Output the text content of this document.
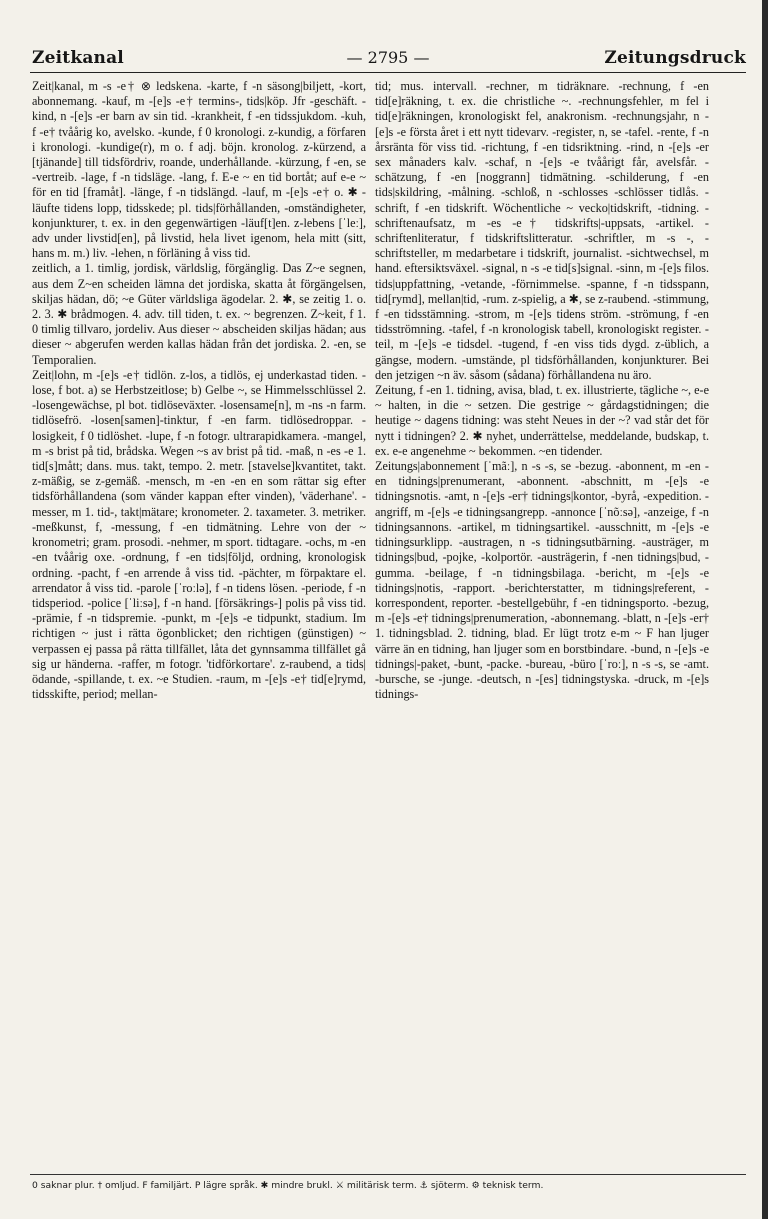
Zeitkanal	— 2795 —	Zeitungsdruck

Zeit|kanal, m -s -e† ⊗ ledskena. -karte, f -n säsong|biljett, -kort, abonnemang. -kauf, m -[e]s -e† termins-, tids|köp. Jfr -geschäft. -kind, n -[e]s -er barn av sin tid. -krankheit, f -en tidssjukdom. -kuh, f -e† tvåårig ko, avelsko. -kunde, f 0 kronologi. z-kundig, a förfaren i kronologi. -kundige(r), m o. f adj. böjn. kronolog. z-kürzend, a [tjänande] till tidsfördriv, roande, underhållande. -kürzung, f -en, se -vertreib. -lage, f -n tidsläge. -lang, f. E-e ~ en tid bortåt; auf e-e ~ för en tid [framåt]. -länge, f -n tidslängd. -lauf, m -[e]s -e† o. ✱ -läufte tidens lopp, tidsskede; pl. tids|förhållanden, -omständigheter, konjunkturer, t. ex. in den gegenwärtigen -läuf[t]en. z-lebens [ˈleː], adv under livstid[en], på livstid, hela livet igenom, hela mitt (sitt, hans m. m.) liv. -lehen, n förläning å viss tid.

zeitlich, a 1. timlig, jordisk, världslig, förgänglig. Das Z~e segnen, aus dem Z~en scheiden lämna det jordiska, skatta åt förgängelsen, skiljas hädan, dö; ~e Güter världsliga ägodelar. 2. ✱, se zeitig 1. o. 2. 3. ✱ brådmogen. 4. adv. till tiden, t. ex. ~ begrenzen. Z~keit, f 1. 0 timlig tillvaro, jordeliv. Aus dieser ~ abscheiden skiljas hädan; aus dieser ~ abgerufen werden kallas hädan från det jordiska. 2. -en, se Temporalien.

Zeit|lohn, m -[e]s -e† tidlön. z-los, a tidlös, ej underkastad tiden. -lose, f bot. a) se Herbstzeitlose; b) Gelbe ~, se Himmelsschlüssel 2. -losengewächse, pl bot. tidlöseväxter. -losensame[n], m -ns -n farm. tidlösefrö. -losen[samen]-tinktur, f -en farm. tidlösedroppar. -losigkeit, f 0 tidlöshet. -lupe, f -n fotogr. ultrarapidkamera. -mangel, m -s brist på tid, brådska. Wegen ~s av brist på tid. -maß, n -es -e 1. tid[s]mått; dans. mus. takt, tempo. 2. metr. [stavelse]kvantitet, takt. z-mäßig, se z-gemäß. -mensch, m -en -en en som rättar sig efter tidsförhållandena (som vänder kappan efter vinden), 'väderhane'. -messer, m 1. tid-, takt|mätare; kronometer. 2. taxameter. 3. metriker. -meßkunst, f, -messung, f -en tidmätning. Lehre von der ~ kronometri; gram. prosodi. -nehmer, m sport. tidtagare. -ochs, m -en -en tvåårig oxe. -ordnung, f -en tids|följd, ordning, kronologisk ordning. -pacht, f -en arrende å viss tid. -pächter, m förpaktare el. arrendator å viss tid. -parole [ˈroːlə], f -n tidens lösen. -periode, f -n tidsperiod. -police [ˈliːsə], f -n hand. [försäkrings-] polis på viss tid. -prämie, f -n tidspremie. -punkt, m -[e]s -e tidpunkt, stadium. Im richtigen ~ just i rätta ögonblicket; den richtigen (günstigen) ~ verpassen ej passa på rätta tillfället, låta det gynnsamma tillfället gå sig ur händerna. -raffer, m fotogr. 'tidförkortare'. z-raubend, a tids|ödande, -spillande, t. ex. ~e Studien. -raum, m -[e]s -e† tid[e]rymd, tidsskifte, period; mellan-

tid; mus. intervall. -rechner, m tidräknare. -rechnung, f -en tid[e]räkning, t. ex. die christliche ~. -rechnungsfehler, m fel i tid[e]räkningen, kronologiskt fel, anakronism. -rechnungsjahr, n -[e]s -e första året i ett nytt tidevarv. -register, n, se -tafel. -rente, f -n årsränta för viss tid. -richtung, f -en tidsriktning. -rind, n -[e]s -er sex månaders kalv. -schaf, n -[e]s -e tvåårigt får, avelsfår. -schätzung, f -en [noggrann] tidmätning. -schilderung, f -en tids|skildring, -målning. -schloß, n -schlosses -schlösser tidlås. -schrift, f -en tidskrift. Wöchentliche ~ vecko|tidskrift, -tidning. -schriftenaufsatz, m -es -e† tidskrifts|-uppsats, -artikel. -schriftenliteratur, f tidskriftslitteratur. -schriftler, m -s -, -schriftsteller, m medarbetare i tidskrift, journalist. -sichtwechsel, m hand. eftersiktsväxel. -signal, n -s -e tid[s]signal. -sinn, m -[e]s filos. tids|uppfattning, -vetande, -förnimmelse. -spanne, f -n tidsspann, tid[rymd], mellan|tid, -rum. z-spielig, a ✱, se z-raubend. -stimmung, f -en tidsstämning. -strom, m -[e]s tidens ström. -strömung, f -en tidsströmning. -tafel, f -n kronologisk tabell, kronologiskt register. -teil, m -[e]s -e tidsdel. -tugend, f -en viss tids dygd. z-üblich, a gängse, modern. -umstände, pl tidsförhållanden, konjunkturer. Bei den jetzigen ~n äv. såsom (sådana) förhållandena nu äro.

Zeitung, f -en 1. tidning, avisa, blad, t. ex. illustrierte, tägliche ~, e-e ~ halten, in die ~ setzen. Die gestrige ~ gårdagstidningen; die heutige ~ dagens tidning: was steht Neues in der ~? vad står det för nytt i tidningen? 2. ✱ nyhet, underrättelse, meddelande, budskap, t. ex. e-e angenehme ~ bekommen. ~en tidender.

Zeitungs|abonnement [ˈmãː], n -s -s, se -bezug. -abonnent, m -en -en tidnings|prenumerant, -abonnent. -abschnitt, m -[e]s -e tidningsnotis. -amt, n -[e]s -er† tidnings|kontor, -byrå, -expedition. -angriff, m -[e]s -e tidningsangrepp. -annonce [ˈnõːsə], -anzeige, f -n tidningsannons. -artikel, m tidningsartikel. -ausschnitt, m -[e]s -e tidningsurklipp. -austragen, n -s tidningsutbärning. -austräger, m tidnings|bud, -pojke, -kolportör. -austrägerin, f -nen tidnings|bud, -gumma. -beilage, f -n tidningsbilaga. -bericht, m -[e]s -e tidnings|notis, -rapport. -berichterstatter, m tidnings|referent, -korrespondent, reporter. -bestellgebühr, f -en tidningsporto. -bezug, m -[e]s -e† tidnings|prenumeration, -abonnemang. -blatt, n -[e]s -er† 1. tidningsblad. 2. tidning, blad. Er lügt trotz e-m ~ F han ljuger värre än en tidning, han ljuger som en borstbindare. -bund, n -[e]s -e tidnings|-paket, -bunt, -packe. -bureau, -büro [ˈroː], n -s -s, se -amt. -bursche, se -junge. -deutsch, n -[es] tidningstyska. -druck, m -[e]s tidnings-

0 saknar plur. † omljud. F familjärt. P lägre språk. ✱ mindre brukl. ⚔ militärisk term. ⚓ sjöterm. ⚙ teknisk term.
